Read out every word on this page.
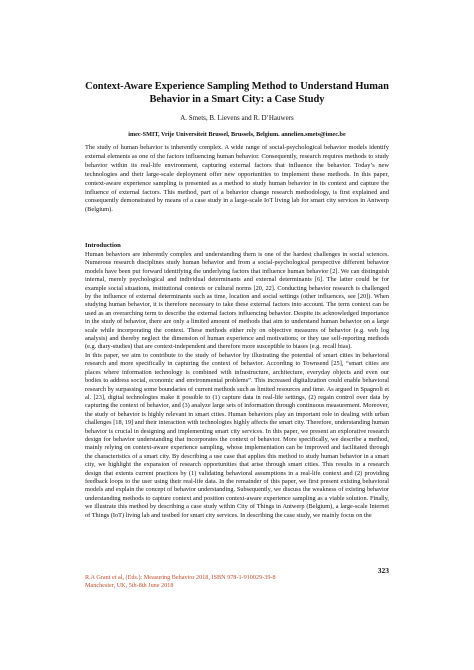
Context-Aware Experience Sampling Method to Understand Human Behavior in a Smart City: a Case Study
A. Smets, B. Lievens and R. D’Hauwers
imec-SMIT, Vrije Universiteit Brussel, Brussels, Belgium. annelien.smets@imec.be

The study of human behavior is inherently complex. A wide range of social-psychological behavior models identify external elements as one of the factors influencing human behavior. Consequently, research requires methods to study behavior within its real-life environment, capturing external factors that influence the behavior. Today’s new technologies and their large-scale deployment offer new opportunities to implement these methods. In this paper, context-aware experience sampling is presented as a method to study human behavior in its context and capture the influence of external factors. This method, part of a behavior change research methodology, is first explained and consequently demonstrated by means of a case study in a large-scale IoT living lab for smart city services in Antwerp (Belgium).

Introduction

Human behaviors are inherently complex and understanding them is one of the hardest challenges in social sciences. Numerous research disciplines study human behavior and from a social-psychological perspective different behavior models have been put forward identifying the underlying factors that influence human behavior [2]. We can distinguish internal, merely psychological and individual determinants and external determinants [6]. The latter could be for example social situations, institutional contexts or cultural norms [20, 22]. Conducting behavior research is challenged by the influence of external determinants such as time, location and social settings (other influences, see [20]). When studying human behavior, it is therefore necessary to take these external factors into account. The term context can be used as an overarching term to describe the external factors influencing behavior. Despite its acknowledged importance in the study of behavior, there are only a limited amount of methods that aim to understand human behavior on a large scale while incorporating the context. These methods either rely on objective measures of behavior (e.g. web log analysis) and thereby neglect the dimension of human experience and motivations; or they use self-reporting methods (e.g. diary-studies) that are context-independent and therefore more susceptible to biases (e.g. recall bias).

In this paper, we aim to contribute to the study of behavior by illustrating the potential of smart cities in behavioral research and more specifically in capturing the context of behavior. According to Townsend [25], “smart cities are places where information technology is combined with infrastructure, architecture, everyday objects and even our bodies to address social, economic and environmental problems”. This increased digitalization could enable behavioral research by surpassing some boundaries of current methods such as limited resources and time. As argued in Spagnoli et al. [23], digital technologies make it possible to (1) capture data in real-life settings, (2) regain control over data by capturing the context of behavior, and (3) analyze large sets of information through continuous measurement. Moreover, the study of behavior is highly relevant in smart cities. Human behaviors play an important role in dealing with urban challenges [18, 19] and their interaction with technologies highly affects the smart city. Therefore, understanding human behavior is crucial in designing and implementing smart city services. In this paper, we present an explorative research design for behavior understanding that incorporates the context of behavior. More specifically, we describe a method, mainly relying on context-aware experience sampling, whose implementation can be improved and facilitated through the characteristics of a smart city. By describing a use case that applies this method to study human behavior in a smart city, we highlight the expansion of research opportunities that arise through smart cities. This results in a research design that extents current practices by (1) validating behavioral assumptions in a real-life context and (2) providing feedback loops to the user using their real-life data. In the remainder of this paper, we first present existing behavioral models and explain the concept of behavior understanding. Subsequently, we discuss the weakness of existing behavior understanding methods to capture context and position context-aware experience sampling as a viable solution. Finally, we illustrate this method by describing a case study within City of Things in Antwerp (Belgium), a large-scale Internet of Things (IoT) living lab and testbed for smart city services. In describing the case study, we mainly focus on the

323
R.A Grant et al, (Eds.): Measuring Behavior 2018, ISBN 978-1-910029-39-8
Manchester, UK, 5th-8th June 2018
